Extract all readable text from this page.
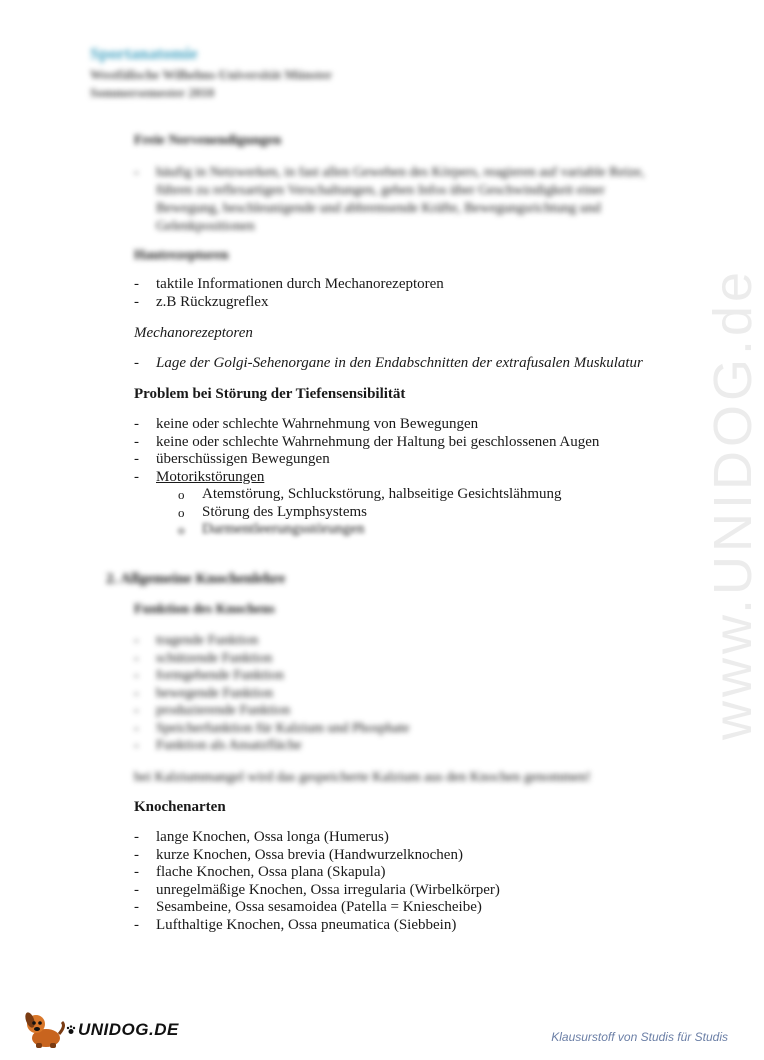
www.UNIDOG.de
Sportanatomie
Westfälische Wilhelms-Universität Münster
Sommersemester 2010
Freie Nervenendigungen
- häufig in Netzwerken, in fast allen Geweben des Körpers, reagieren auf variable Reize, führen zu reflexartigen Verschaltungen, geben Infos über Geschwindigkeit einer Bewegung, beschleunigende und abbremsende Kräfte, Bewegungsrichtung und Gelenkpositionen
Hautrezeptoren
- taktile Informationen durch Mechanorezeptoren
- z.B Rückzugreflex
Mechanorezeptoren
- Lage der Golgi-Sehenorgane in den Endabschnitten der extrafusalen Muskulatur
Problem bei Störung der Tiefensensibilität
- keine oder schlechte Wahrnehmung von Bewegungen
- keine oder schlechte Wahrnehmung der Haltung bei geschlossenen Augen
- überschüssigen Bewegungen
- Motorikstörungen
o Atemstörung, Schluckstörung, halbseitige Gesichtslähmung
o Störung des Lymphsystems
o Darmentleerungsstörungen
2. Allgemeine Knochenlehre
Funktion des Knochens
- tragende Funktion
- schützende Funktion
- formgebende Funktion
- bewegende Funktion
- produzierende Funktion
- Speicherfunktion für Kalzium und Phosphate
- Funktion als Ansatzfläche
bei Kalziummangel wird das gespeicherte Kalzium aus den Knochen genommen!
Knochenarten
- lange Knochen, Ossa longa (Humerus)
- kurze Knochen, Ossa brevia (Handwurzelknochen)
- flache Knochen, Ossa plana (Skapula)
- unregelmäßige Knochen, Ossa irregularia (Wirbelkörper)
- Sesambeine, Ossa sesamoidea (Patella = Kniescheibe)
- Lufthaltige Knochen, Ossa pneumatica (Siebbein)
UNIDOG.DE	Klausurstoff von Studis für Studis
